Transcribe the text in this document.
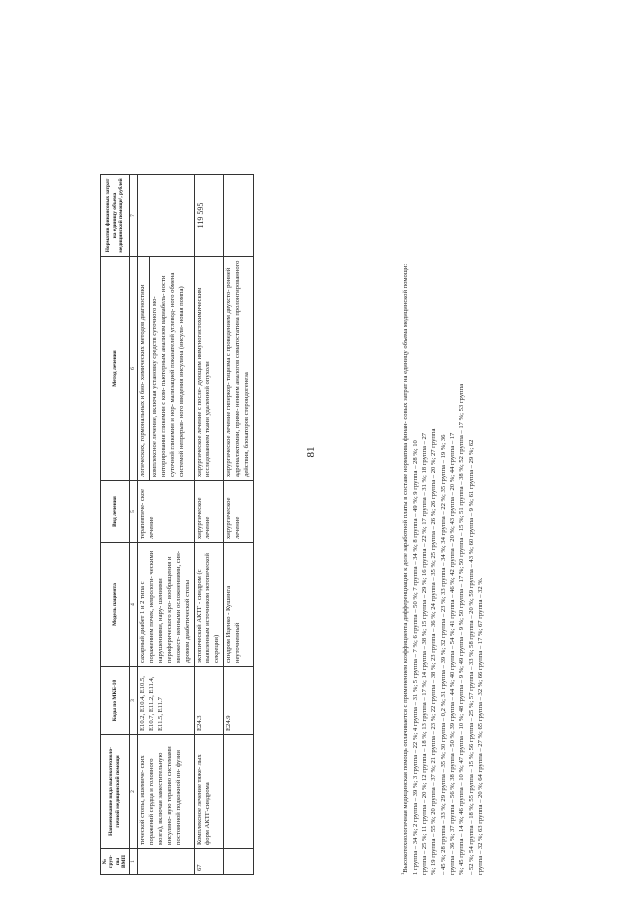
81
№ груп- пы ВМП	Наименование вида высокотехноло- гичной медицинской помощи	Коды по МКБ-10	Модель пациента	Вид лечения	Метод лечения	Норматив финансовых затрат на единицу объема медицинской помощи¹, рублей
1	2	3	4	5	6	7
	тической стопы, ишемиче- ских поражений сердца и головного мозга), включая заместительную инсулино- вую терапию системами постоянной подкожной ин- фузии	E10.2, E10.4, E10.5, E10.7, E11.2, E11.4, E11.5, E11.7	сахарный диабет 1 и 2 типа с поражением почек, неврологи- ческими нарушениями, нару- шениями периферического кро- вообращения и множест- венными осложнениями, син- дромом диабетической стопы	терапевтиче- ское лечение	логических, гормональных и био- химических методов диагностики комплексное лечение, включая установку средств суточного мо- ниторирования гликемии с ком- пьютерным анализом вариабель- ности суточной гликемии и нор- мализацией показателей углевод- ного обмена системой непрерыв- ного введения инсулина (инсули- новая помпа)	

67	Комплексное лечение тяже- лых форм АКТГ-синдрома	E24.3	эктопический АКТГ - синдром (с выявленным источником эктопической секреции)	хирургическое лечение	хирургическое лечение с после- дующим иммуногистохимическим исследованием ткани удаленной опухоли	119 595
		E24.9	синдром Иценко - Кушинга неуточненный	хирургическое лечение	хирургическое лечение гиперкор- тицизма с проведением двухсто- ронней адреналэктомии, приме- нением аналогов соматостатина пролонгированного действия, блокаторов стероидогенеза	
$^1$Высокотехнологичная медицинская помощь оплачивается с применением коэффициента дифференциации к доле заработной платы в составе норматива финан- совых затрат на единицу объема медицинской помощи: 1 группа – 34 %; 2 группа – 39 %; 3 группа – 22 %; 4 группа – 31 %; 5 группа – 7 %; 6 группа – 50 %; 7 группа – 34 %; 8 группа – 49 %; 9 группа – 28 %; 10 группа – 25 %; 11 группа – 20 %; 12 группа – 18 %; 13 группа – 17 %; 14 группа – 38 %; 15 группа – 29 %; 16 группа – 22 %; 17 группа – 31 %; 18 группа – 27 %; 19 группа – 55 %; 20 группа – 37 %; 21 группа – 23 %; 22 группа – 38 %; 23 группа – 36 %; 24 группа – 35 %; 25 группа – 26 %; 26 группа – 20 %; 27 группа – 45 %; 28 группа – 33 %; 29 группа – 35 %; 30 группа – 0,2 %; 31 группа – 39 %; 32 группа – 23 %; 33 группа – 34 %; 34 группа – 22 %; 35 группа – 19 %; 36 группа – 36 %; 37 группа – 56 %; 38 группа – 50 %; 39 группа – 44 %; 40 группа – 54 %; 41 группа – 46 %; 42 группа – 20 %; 43 группа – 20 %; 44 группа – 17 %; 45 группа – 14 %; 46 группа – 10 %; 47 группа – 10 %; 48 группа – 9 %; 49 группа – 9 %; 50 группа – 17 %; 50 группа – 15 %; 51 группа – 38 %; 52 группа – 17 %; 53 группа – 52 %; 54 группа – 18 %; 55 группа – 15 %; 56 группа – 25 %; 57 группа – 33 %; 58 группа – 20 %; 59 группа – 43 %; 60 группа – 9 %; 61 группа – 29 %; 62 группа – 32 %; 63 группа – 20 %; 64 группа – 27 %; 65 группа – 32 %; 66 группа – 17 %; 67 группа – 32 %.
